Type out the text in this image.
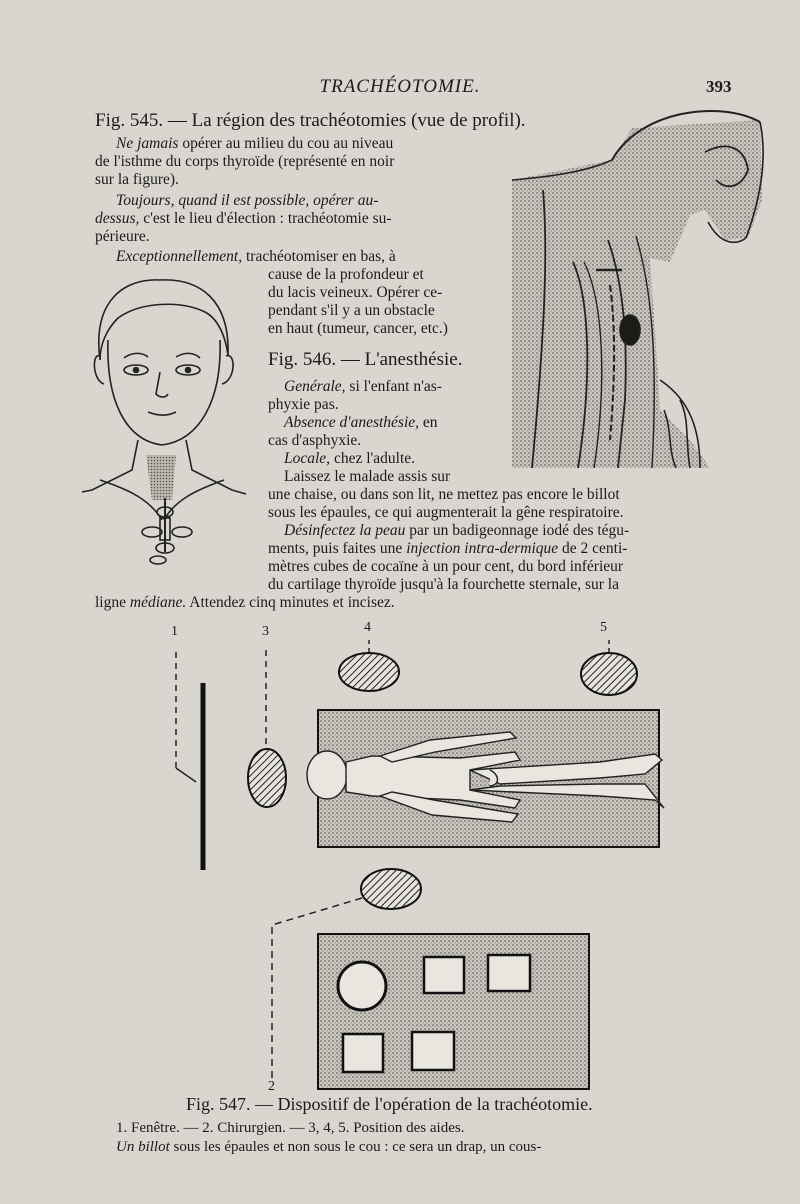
TRACHÉOTOMIE.	393
Fig. 545. — La région des trachéotomies (vue de profil).
Ne jamais opérer au milieu du cou au niveau
de l'isthme du corps thyroïde (représenté en noir
sur la figure).
Toujours, quand il est possible, opérer au-
dessus, c'est le lieu d'élection : trachéotomie su-
périeure.
Exceptionnellement, trachéotomiser en bas, à
cause de la profondeur et
du lacis veineux. Opérer ce-
pendant s'il y a un obstacle
en haut (tumeur, cancer, etc.)
Fig. 546. — L'anesthésie.
Genérale, si l'enfant n'as-
phyxie pas.
Absence d'anesthésie, en
cas d'asphyxie.
Locale, chez l'adulte.
Laissez le malade assis sur
une chaise, ou dans son lit, ne mettez pas encore le billot
sous les épaules, ce qui augmenterait la gêne respiratoire.
Désinfectez la peau par un badigeonnage iodé des tégu-
ments, puis faites une injection intra-dermique de 2 centi-
mètres cubes de cocaïne à un pour cent, du bord inférieur
du cartilage thyroïde jusqu'à la fourchette sternale, sur la
ligne médiane. Attendez cinq minutes et incisez.
1	3	4	5
2
Fig. 547. — Dispositif de l'opération de la trachéotomie.
1. Fenêtre. — 2. Chirurgien. — 3, 4, 5. Position des aides.
Un billot sous les épaules et non sous le cou : ce sera un drap, un cous-
